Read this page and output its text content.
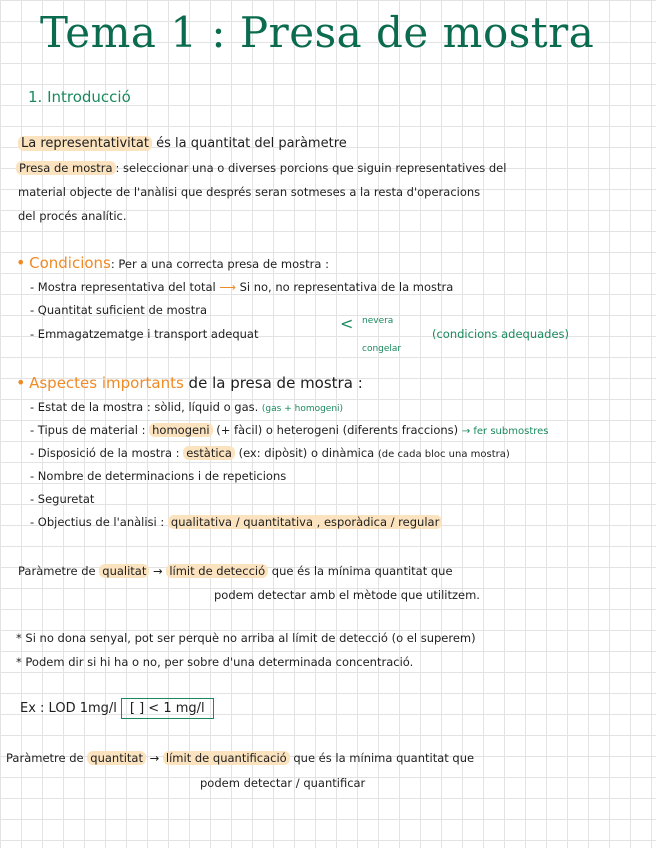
Tema 1 : Presa de mostra
1. Introducció
La representativitat és la quantitat del paràmetre
Presa de mostra : seleccionar una o diverses porcions que siguin representatives del
material objecte de l'anàlisi que després seran sotmeses a la resta d'operacions
del procés analític.
• Condicions: Per a una correcta presa de mostra :
- Mostra representativa del total ⟶ Si no, no representativa de la mostra
- Quantitat suficient de mostra
- Emmagatzematge i transport adequat
< nevera
congelar
(condicions adequades)
• Aspectes importants de la presa de mostra :
- Estat de la mostra : sòlid, líquid o gas. (gas + homogeni)
- Tipus de material : homogeni (+ fàcil) o heterogeni (diferents fraccions) → fer submostres
- Disposició de la mostra : estàtica (ex: dipòsit) o dinàmica (de cada bloc una mostra)
- Nombre de determinacions i de repeticions
- Seguretat
- Objectius de l'anàlisi : qualitativa / quantitativa , esporàdica / regular
Paràmetre de qualitat → límit de detecció que és la mínima quantitat que
podem detectar amb el mètode que utilitzem.
* Si no dona senyal, pot ser perquè no arriba al límit de detecció (o el superem)
* Podem dir si hi ha o no, per sobre d'una determinada concentració.
Ex : LOD 1mg/l [ ] < 1 mg/l
Paràmetre de quantitat → límit de quantificació que és la mínima quantitat que
podem detectar / quantificar
